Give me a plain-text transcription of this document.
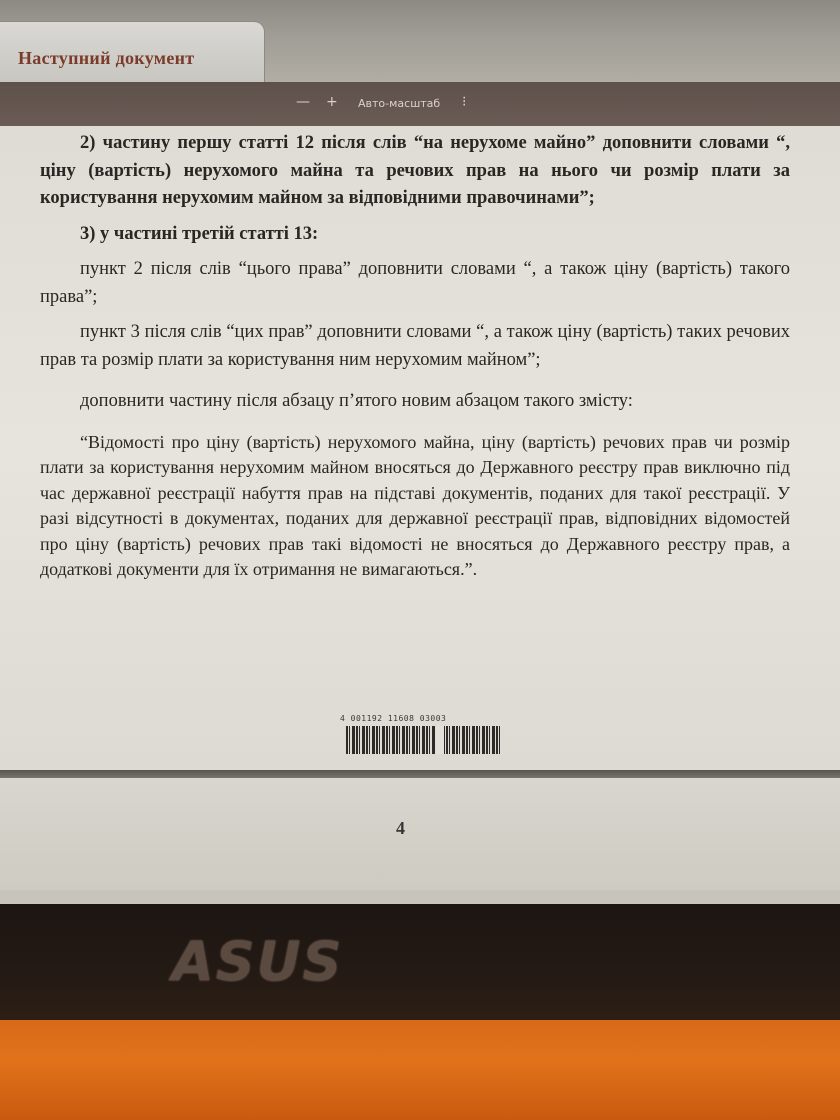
Наступний документ
— + Авто-масштаб ⁝

2) частину першу статті 12 після слів “на нерухоме майно” доповнити словами “, ціну (вартість) нерухомого майна та речових прав на нього чи розмір плати за користування нерухомим майном за відповідними правочинами”;

3) у частині третій статті 13:

пункт 2 після слів “цього права” доповнити словами “, а також ціну (вартість) такого права”;

пункт 3 після слів “цих прав” доповнити словами “, а також ціну (вартість) таких речових прав та розмір плати за користування ним нерухомим майном”;

доповнити частину після абзацу п’ятого новим абзацом такого змісту:

“Відомості про ціну (вартість) нерухомого майна, ціну (вартість) речових прав чи розмір плати за користування нерухомим майном вносяться до Державного реєстру прав виключно під час державної реєстрації набуття прав на підставі документів, поданих для такої реєстрації. У разі відсутності в документах, поданих для державної реєстрації прав, відповідних відомостей про ціну (вартість) речових прав такі відомості не вносяться до Державного реєстру прав, а додаткові документи для їх отримання не вимагаються.”.

4 001192 11608 03003
4
ASUS
